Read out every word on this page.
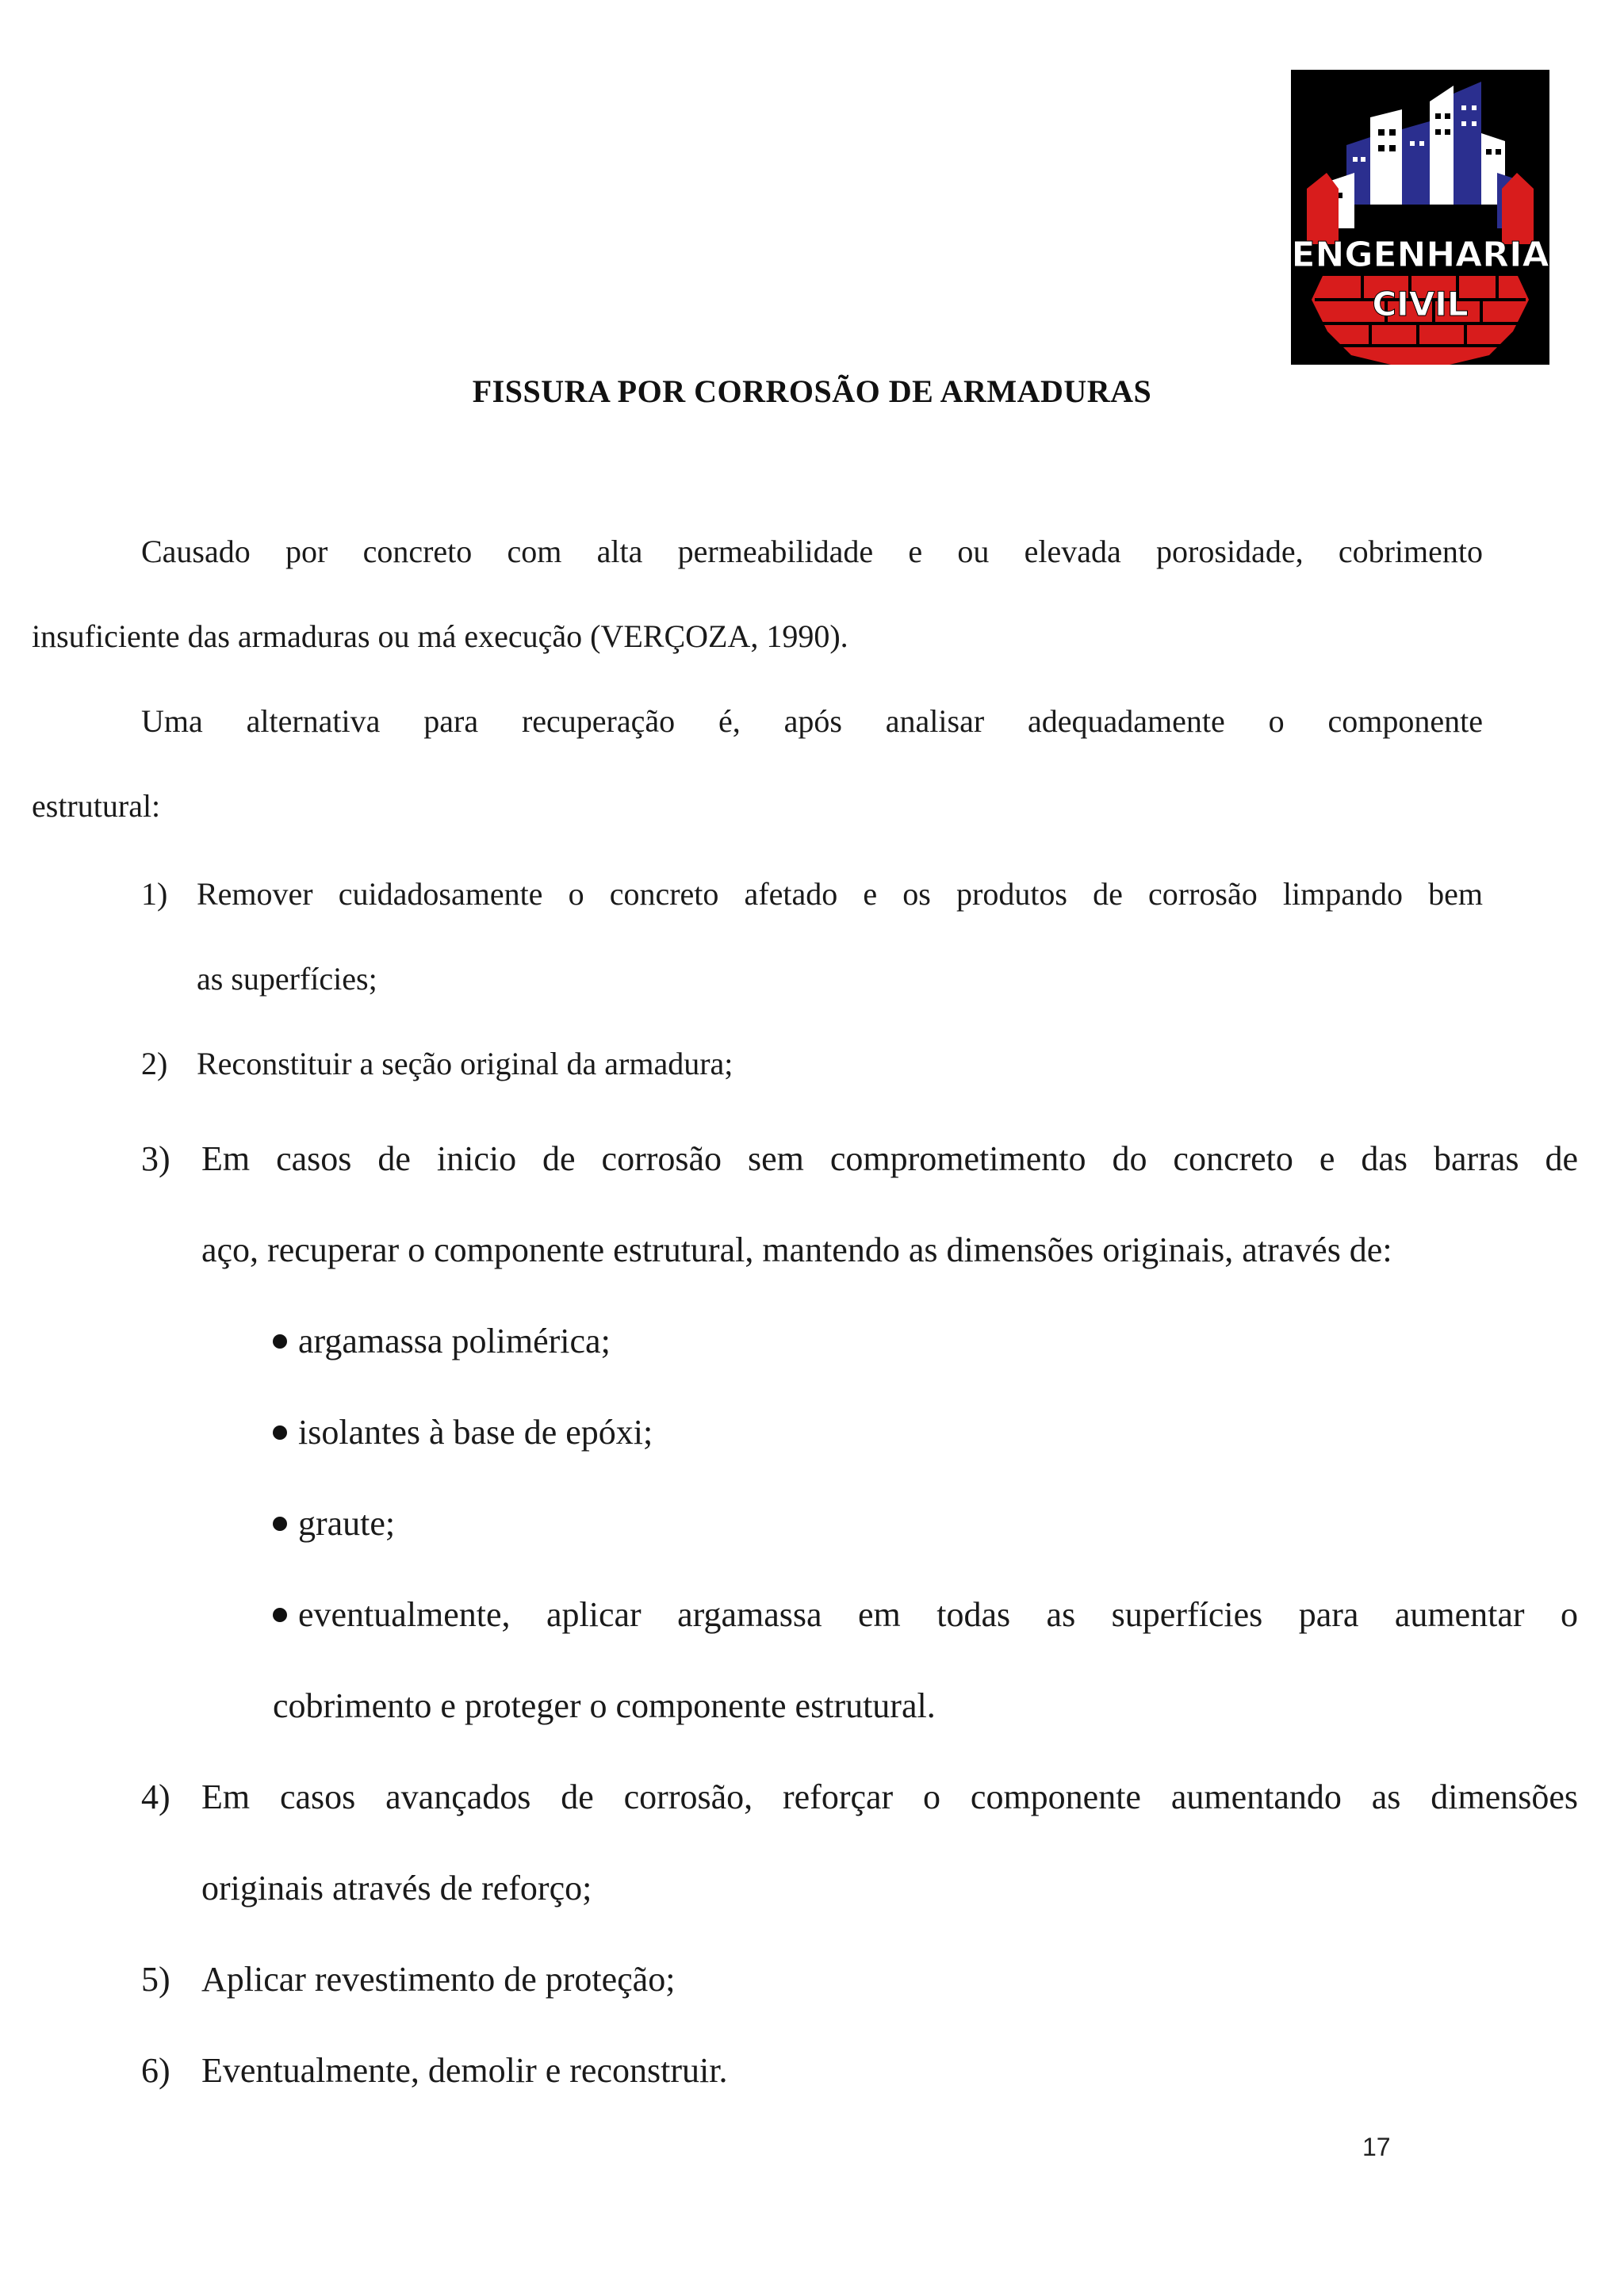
ENGENHARIA
CIVIL
FISSURA POR CORROSÃO DE ARMADURAS
Causado por concreto com alta permeabilidade e ou elevada porosidade, cobrimento
insuficiente das armaduras ou má execução (VERÇOZA, 1990).
Uma alternativa para recuperação é, após analisar adequadamente o componente
estrutural:
1) Remover cuidadosamente o concreto afetado e os produtos de corrosão limpando bem
as superfícies;
2) Reconstituir a seção original da armadura;
3) Em casos de inicio de corrosão sem comprometimento do concreto e das barras de
aço, recuperar o componente estrutural, mantendo as dimensões originais, através de:
argamassa polimérica;
isolantes à base de epóxi;
graute;
eventualmente, aplicar argamassa em todas as superfícies para aumentar o
cobrimento e proteger o componente estrutural.
4) Em casos avançados de corrosão, reforçar o componente aumentando as dimensões
originais através de reforço;
5) Aplicar revestimento de proteção;
6) Eventualmente, demolir e reconstruir.
17
